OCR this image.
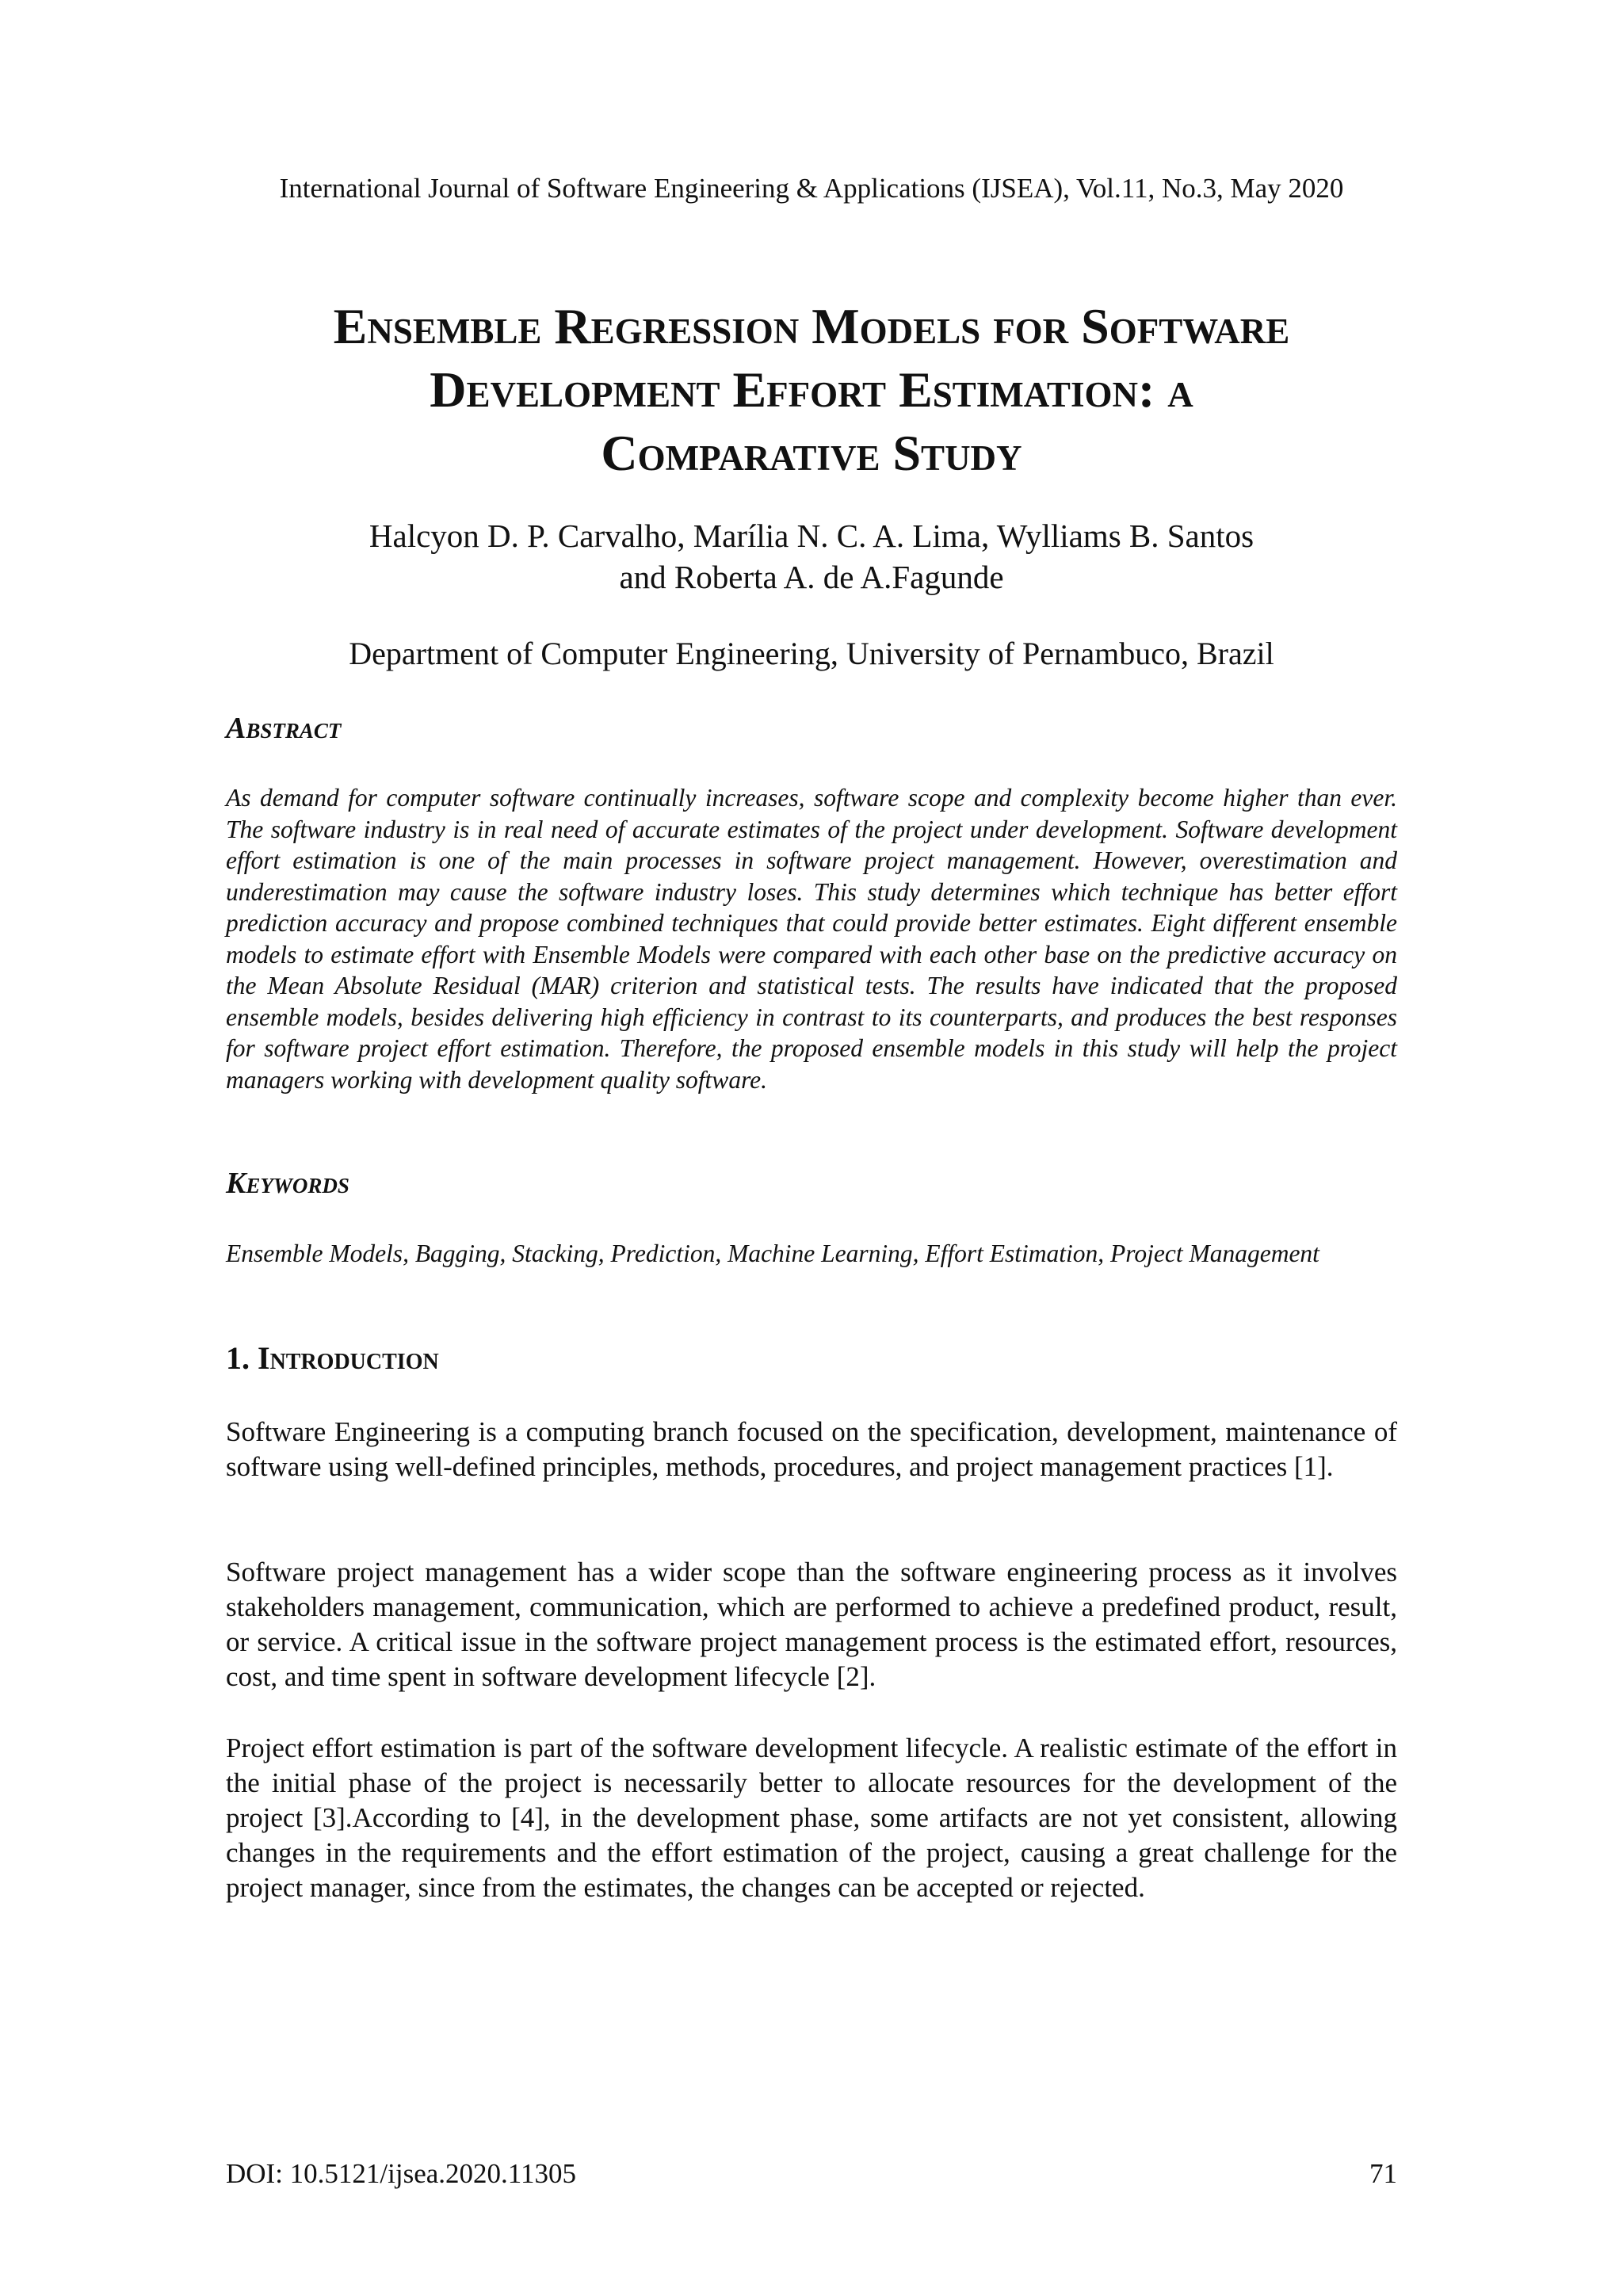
International Journal of Software Engineering & Applications (IJSEA), Vol.11, No.3, May 2020
Ensemble Regression Models for Software
Development Effort Estimation: a
Comparative Study
Halcyon D. P. Carvalho, Marília N. C. A. Lima, Wylliams B. Santos
and Roberta A. de A.Fagunde
Department of Computer Engineering, University of Pernambuco, Brazil
Abstract

As demand for computer software continually increases, software scope and complexity become higher than ever. The software industry is in real need of accurate estimates of the project under development. Software development effort estimation is one of the main processes in software project management. However, overestimation and underestimation may cause the software industry loses. This study determines which technique has better effort prediction accuracy and propose combined techniques that could provide better estimates. Eight different ensemble models to estimate effort with Ensemble Models were compared with each other base on the predictive accuracy on the Mean Absolute Residual (MAR) criterion and statistical tests. The results have indicated that the proposed ensemble models, besides delivering high efficiency in contrast to its counterparts, and produces the best responses for software project effort estimation. Therefore, the proposed ensemble models in this study will help the project managers working with development quality software.

Keywords

Ensemble Models, Bagging, Stacking, Prediction, Machine Learning, Effort Estimation, Project Management

1. Introduction

Software Engineering is a computing branch focused on the specification, development, maintenance of software using well-defined principles, methods, procedures, and project management practices [1].

Software project management has a wider scope than the software engineering process as it involves stakeholders management, communication, which are performed to achieve a predefined product, result, or service. A critical issue in the software project management process is the estimated effort, resources, cost, and time spent in software development lifecycle [2].

Project effort estimation is part of the software development lifecycle. A realistic estimate of the effort in the initial phase of the project is necessarily better to allocate resources for the development of the project [3].According to [4], in the development phase, some artifacts are not yet consistent, allowing changes in the requirements and the effort estimation of the project, causing a great challenge for the project manager, since from the estimates, the changes can be accepted or rejected.

DOI: 10.5121/ijsea.2020.11305	71
